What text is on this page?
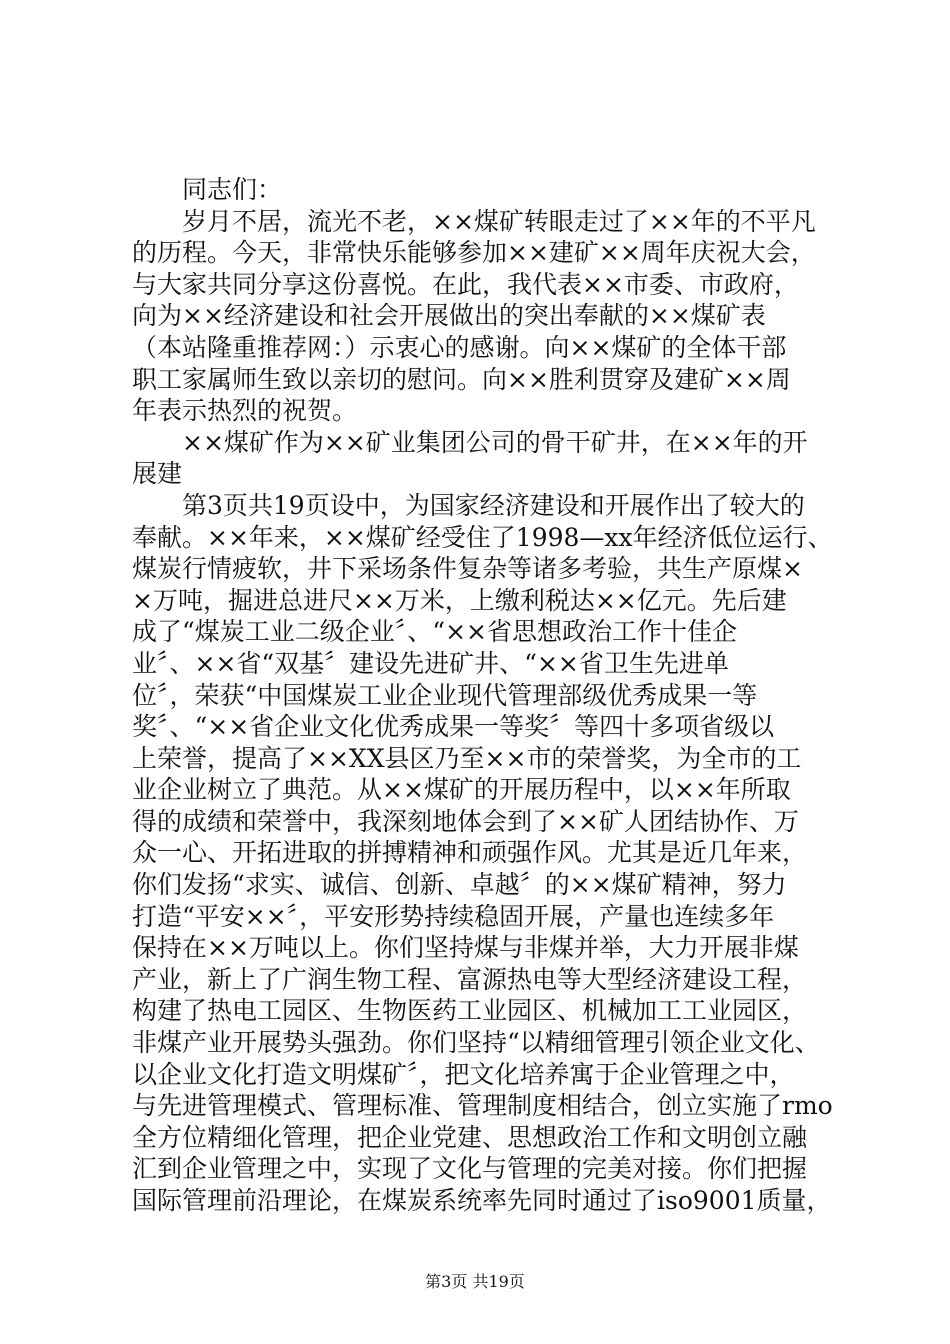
同志们：
岁月不居，流光不老，××煤矿转眼走过了××年的不平凡
的历程。今天，非常快乐能够参加××建矿××周年庆祝大会，
与大家共同分享这份喜悦。在此，我代表××市委、市政府，
向为××经济建设和社会开展做出的突出奉献的××煤矿表
（本站隆重推荐网：）示衷心的感谢。向××煤矿的全体干部
职工家属师生致以亲切的慰问。向××胜利贯穿及建矿××周
年表示热烈的祝贺。
××煤矿作为××矿业集团公司的骨干矿井，在××年的开
展建
第3页共19页设中，为国家经济建设和开展作出了较大的
奉献。××年来，××煤矿经受住了1998—xx年经济低位运行、
煤炭行情疲软，井下采场条件复杂等诸多考验，共生产原煤×
×万吨，掘进总进尺××万米，上缴利税达××亿元。先后建
成了“煤炭工业二级企业〞、“××省思想政治工作十佳企
业〞、××省“双基〞建设先进矿井、“××省卫生先进单
位〞，荣获“中国煤炭工业企业现代管理部级优秀成果一等
奖〞、“××省企业文化优秀成果一等奖〞等四十多项省级以
上荣誉，提高了××XX县区乃至××市的荣誉奖，为全市的工
业企业树立了典范。从××煤矿的开展历程中，以××年所取
得的成绩和荣誉中，我深刻地体会到了××矿人团结协作、万
众一心、开拓进取的拼搏精神和顽强作风。尤其是近几年来，
你们发扬“求实、诚信、创新、卓越〞的××煤矿精神，努力
打造“平安××〞，平安形势持续稳固开展，产量也连续多年
保持在××万吨以上。你们坚持煤与非煤并举，大力开展非煤
产业，新上了广润生物工程、富源热电等大型经济建设工程，
构建了热电工园区、生物医药工业园区、机械加工工业园区，
非煤产业开展势头强劲。你们坚持“以精细管理引领企业文化、
以企业文化打造文明煤矿〞，把文化培养寓于企业管理之中，
与先进管理模式、管理标准、管理制度相结合，创立实施了rmo
全方位精细化管理，把企业党建、思想政治工作和文明创立融
汇到企业管理之中，实现了文化与管理的完美对接。你们把握
国际管理前沿理论，在煤炭系统率先同时通过了iso9001质量，
第3页 共19页
